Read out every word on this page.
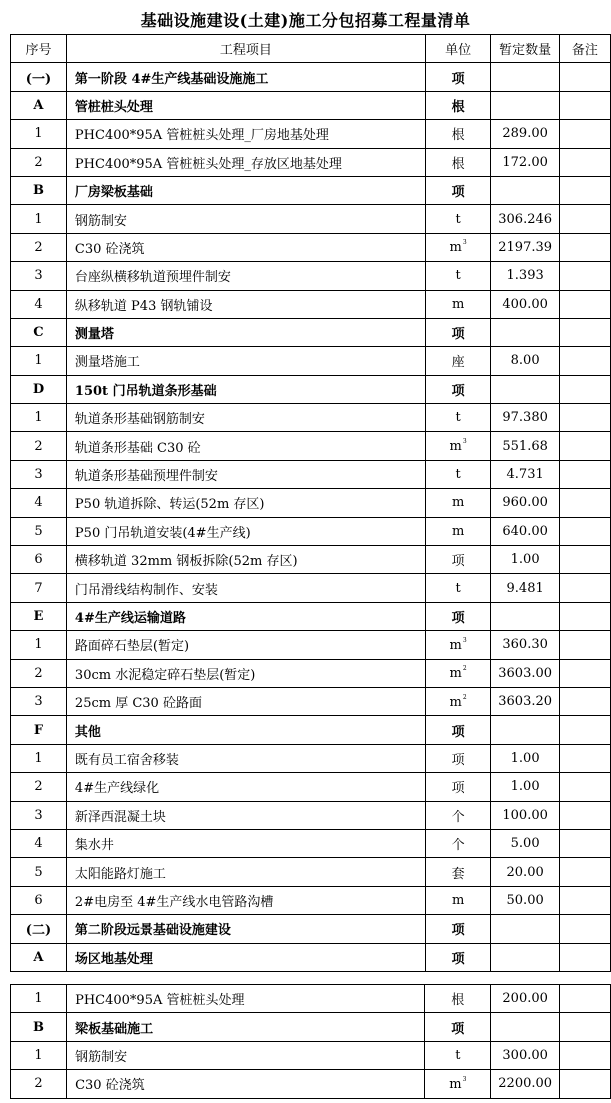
基础设施建设(土建)施工分包招募工程量清单
序号	工程项目	单位	暂定数量	备注
(一)	第一阶段 4#生产线基础设施施工	项		
A	管桩桩头处理	根		
1	PHC400*95A 管桩桩头处理_厂房地基处理	根	289.00	
2	PHC400*95A 管桩桩头处理_存放区地基处理	根	172.00	
B	厂房梁板基础	项		
1	钢筋制安	t	306.246	
2	C30 砼浇筑	$m^3$	2197.39	
3	台座纵横移轨道预埋件制安	t	1.393	
4	纵移轨道 P43 钢轨铺设	m	400.00	
C	测量塔	项		
1	测量塔施工	座	8.00	
D	150t 门吊轨道条形基础	项		
1	轨道条形基础钢筋制安	t	97.380	
2	轨道条形基础 C30 砼	$m^3$	551.68	
3	轨道条形基础预埋件制安	t	4.731	
4	P50 轨道拆除、转运(52m 存区)	m	960.00	
5	P50 门吊轨道安装(4#生产线)	m	640.00	
6	横移轨道 32mm 钢板拆除(52m 存区)	项	1.00	
7	门吊滑线结构制作、安装	t	9.481	
E	4#生产线运输道路	项		
1	路面碎石垫层(暂定)	$m^3$	360.30	
2	30cm 水泥稳定碎石垫层(暂定)	$m^2$	3603.00	
3	25cm 厚 C30 砼路面	$m^2$	3603.20	
F	其他	项		
1	既有员工宿舍移装	项	1.00	
2	4#生产线绿化	项	1.00	
3	新泽西混凝土块	个	100.00	
4	集水井	个	5.00	
5	太阳能路灯施工	套	20.00	
6	2#电房至 4#生产线水电管路沟槽	m	50.00	
(二)	第二阶段远景基础设施建设	项		
A	场区地基处理	项		
1	PHC400*95A 管桩桩头处理	根	200.00	
B	梁板基础施工	项		
1	钢筋制安	t	300.00	
2	C30 砼浇筑	$m^3$	2200.00	
